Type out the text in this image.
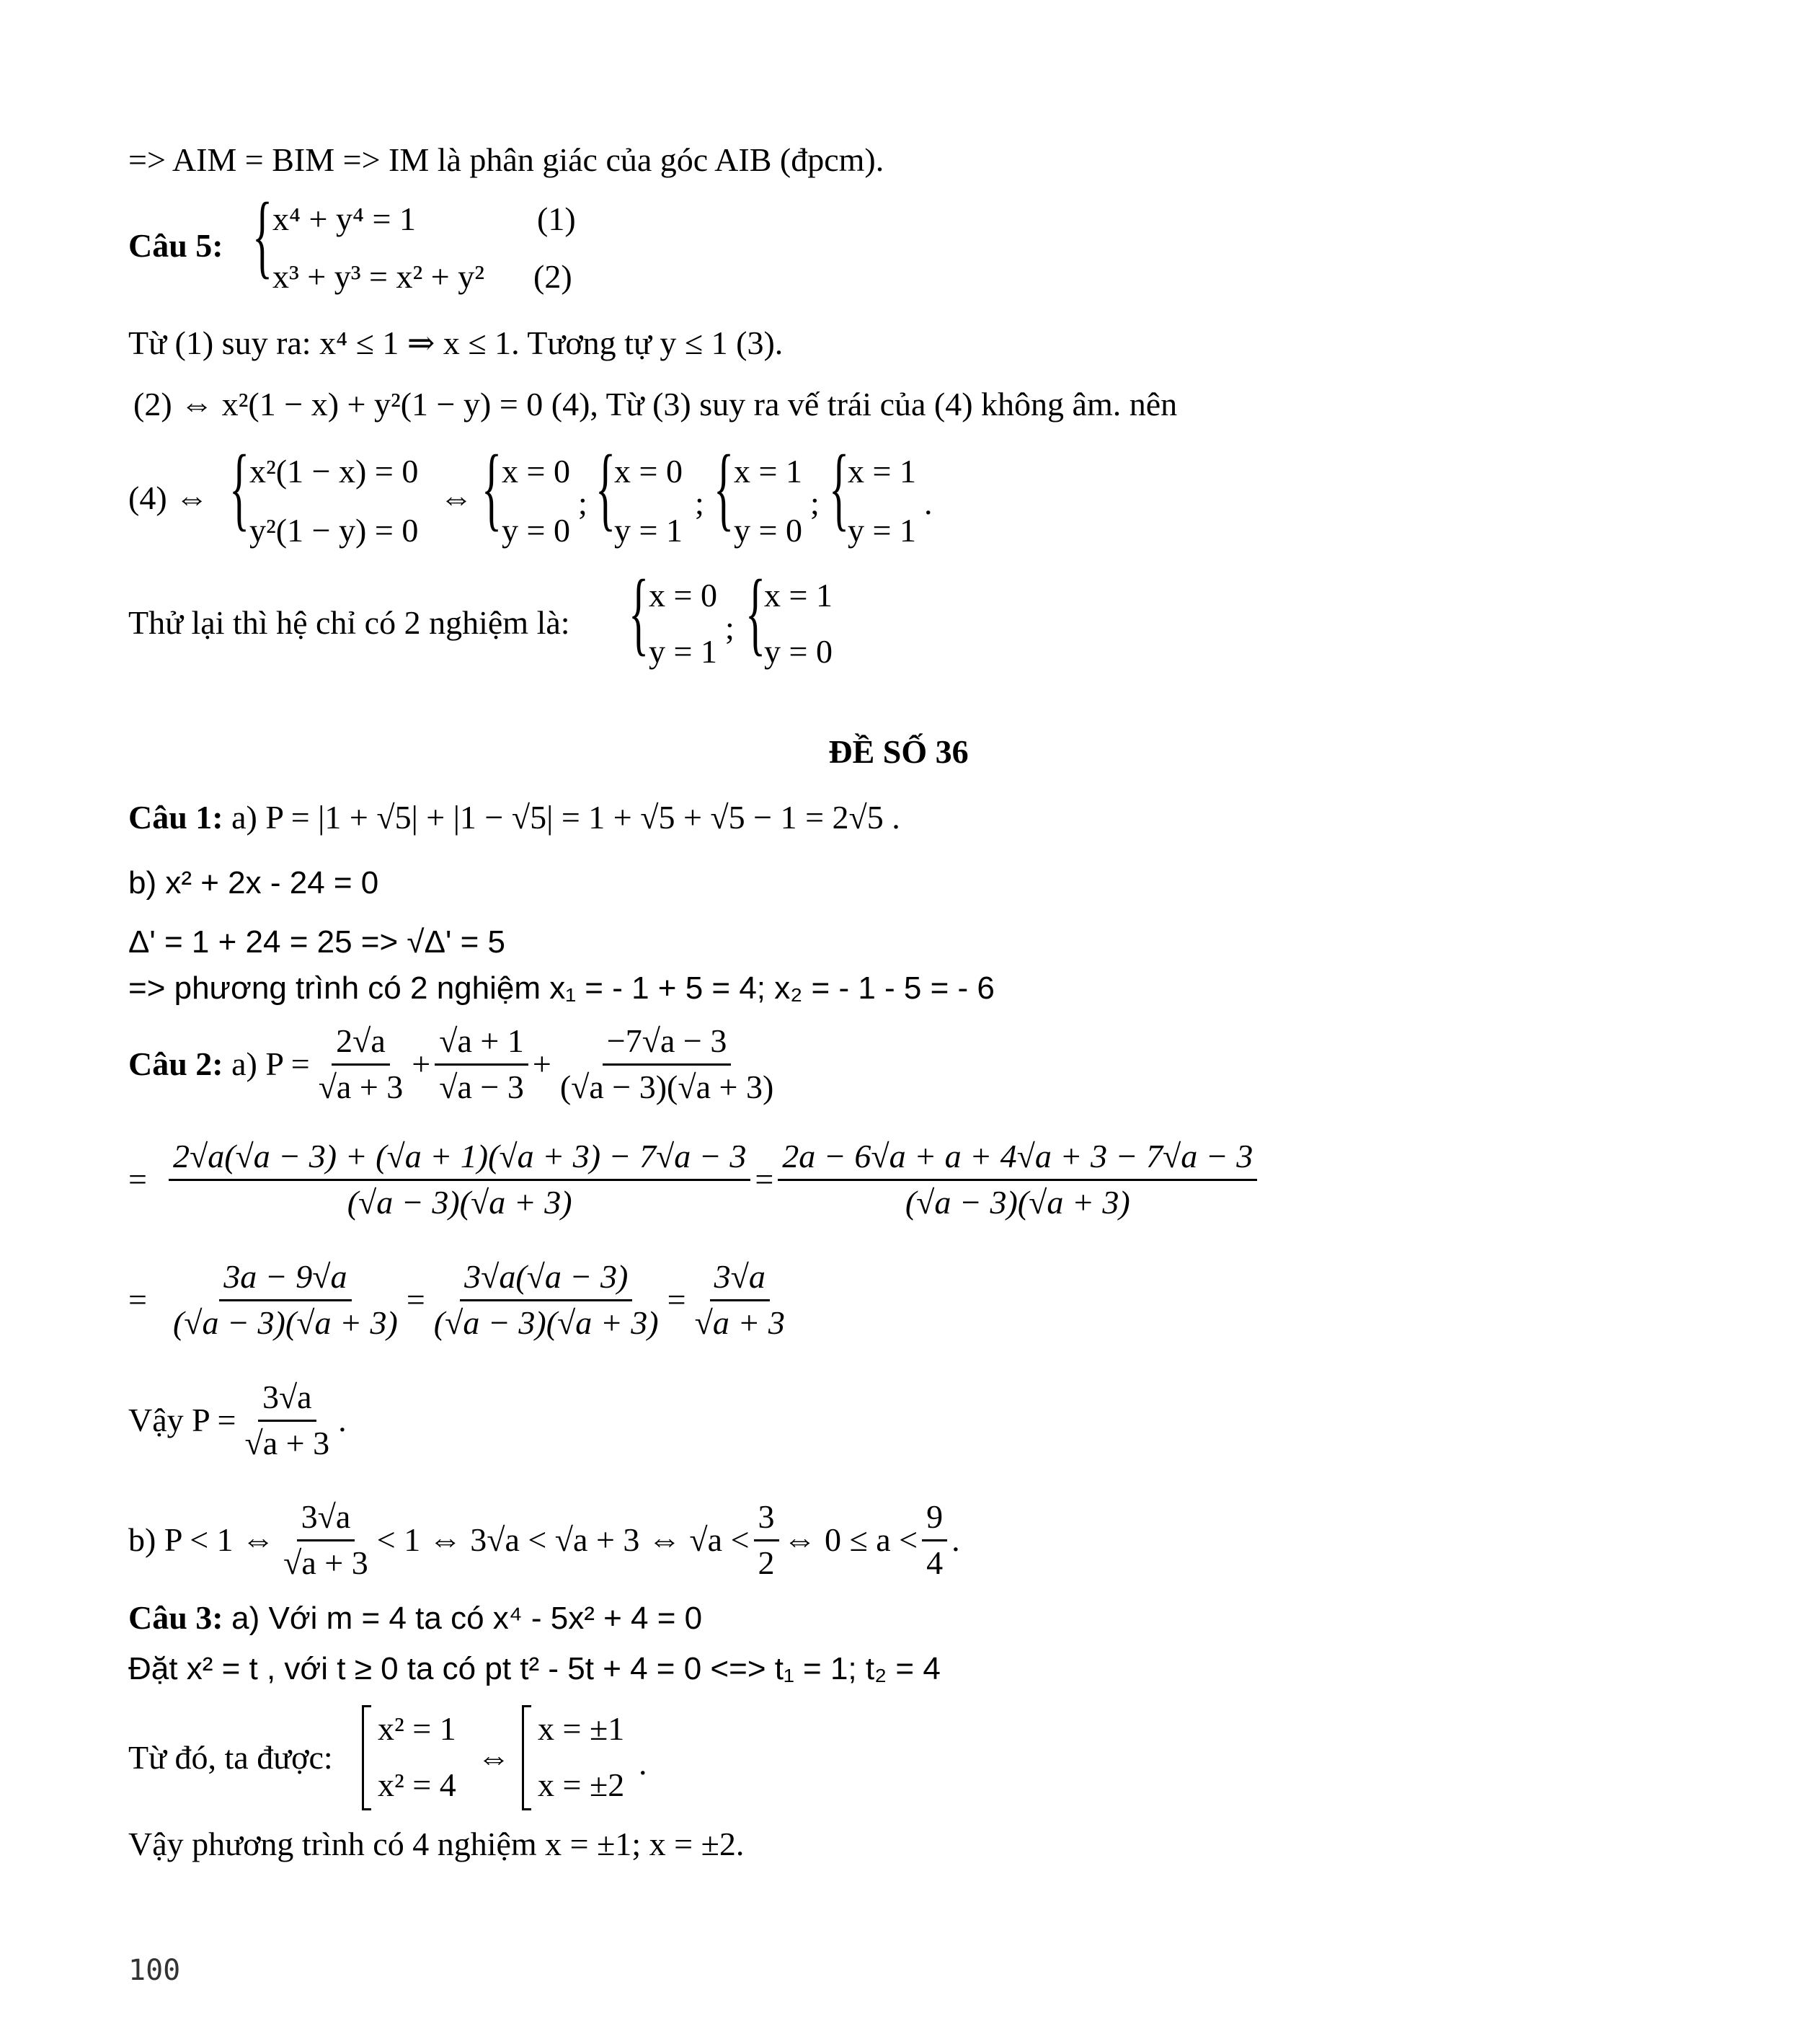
=> AIM = BIM => IM là phân giác của góc AIB (đpcm).
Câu 5: { x⁴ + y⁴ = 1	(1)
x³ + y³ = x² + y² (2)
Từ (1) suy ra: x⁴ ≤ 1 ⇒ x ≤ 1. Tương tự y ≤ 1 (3).
(2) ⇔ x²(1 − x) + y²(1 − y) = 0 (4), Từ (3) suy ra vế trái của (4) không âm. nên
(4) ⇔ { x²(1 − x) = 0
y²(1 − y) = 0
⇔ { x = 0
y = 0
; {
x = 0
y = 1
; { x = 1
y = 0
; {
x = 1
y = 1
.
Thử lại thì hệ chỉ có 2 nghiệm là: { x = 0
y = 1
; {
x = 1
y = 0
ĐỀ SỐ 36
Câu 1: a) P = |1 + √5| + |1 − √5| = 1 + √5 + √5 − 1 = 2√5 .
b) x² + 2x - 24 = 0
Δ' = 1 + 24 = 25 => √Δ' = 5
=> phương trình có 2 nghiệm x₁ = - 1 + 5 = 4; x₂ = - 1 - 5 = - 6
Câu 2:
a) $P = \frac{2√a}{√a + 3} + \frac{√a + 1}{√a - 3} + \frac{-7√a - 3}{(√a - 3)(√a + 3)}$
= $\frac{2√a(√a - 3) + (√a + 1)(√a + 3) - 7√a - 3}{(√a - 3)(√a + 3)} = \frac{2a - 6√a + a + 4√a + 3 - 7√a - 3}{(√a - 3)(√a + 3)}$
= $\frac{3a - 9√a}{(√a - 3)(√a + 3)} = \frac{3√a(√a - 3)}{(√a - 3)(√a + 3)} = \frac{3√a}{√a + 3}$
Vậy $P = \frac{3√a}{√a + 3}$ .
b) P < 1 ⇔ $\frac{3√a}{√a + 3} < 1$ ⇔ 3√a < √a + 3 ⇔ $√a < \frac{3}{2}$ ⇔ $0 \le a < \frac{9}{4}$ .
Câu 3: a) Với m = 4 ta có x⁴ - 5x² + 4 = 0
Đặt x² = t , với t ≥ 0 ta có pt t² - 5t + 4 = 0 <=> t₁ = 1; t₂ = 4
Từ đó, ta được:
x² = 1
x² = 4
⇔
x = ±1
x = ±2
.
Vậy phương trình có 4 nghiệm x = ±1; x = ±2.
100
